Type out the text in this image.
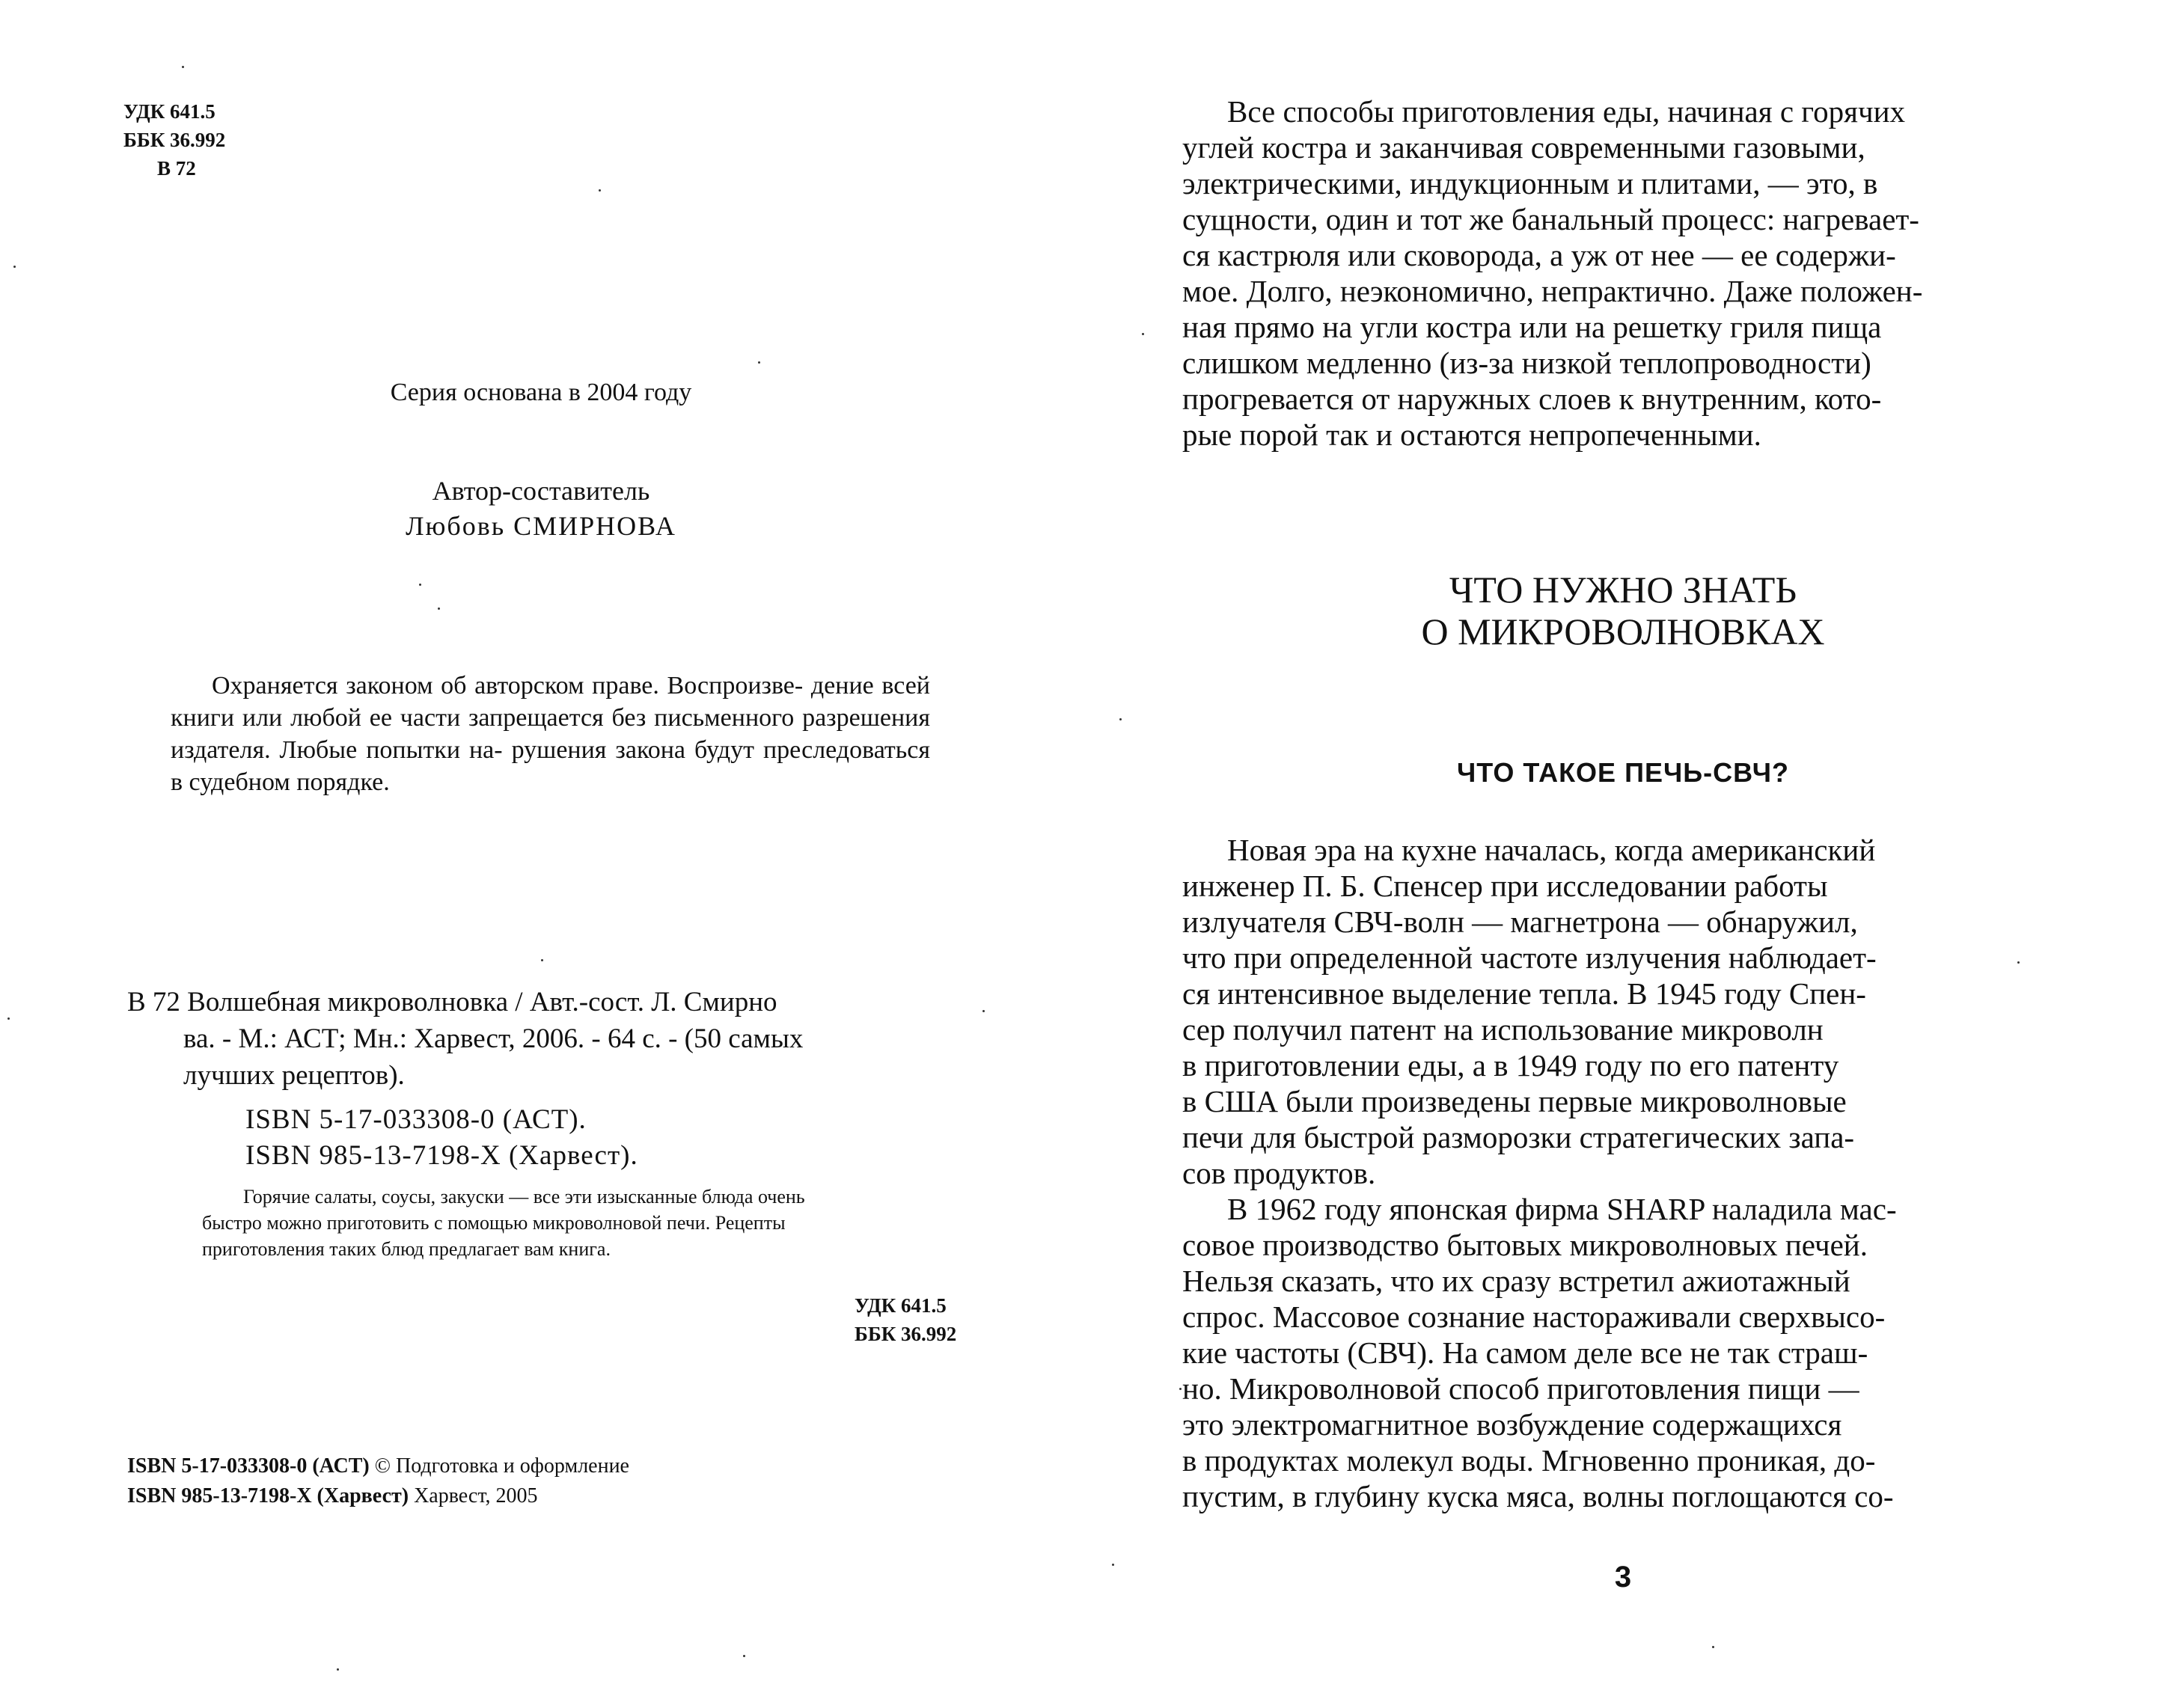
УДК 641.5
ББК 36.992
В 72
Серия основана в 2004 году
Автор-составитель
Любовь СМИРНОВА
Охраняется законом об авторском праве. Воспроизве- дение всей книги или любой ее части запрещается без письменного разрешения издателя. Любые попытки на- рушения закона будут преследоваться в судебном порядке.
В 72 Волшебная микроволновка / Авт.-сост. Л. Смирно
ва. - М.: АСТ; Мн.: Харвест, 2006. - 64 с. - (50 самых
лучших рецептов).
ISBN 5-17-033308-0 (АСТ).
ISBN 985-13-7198-Х (Харвест).
Горячие салаты, соусы, закуски — все эти изысканные блюда очень
быстро можно приготовить с помощью микроволновой печи. Рецепты
приготовления таких блюд предлагает вам книга.
УДК 641.5
ББК 36.992
ISBN 5-17-033308-0 (АСТ) © Подготовка и оформление
ISBN 985-13-7198-Х (Харвест) Харвест, 2005
Все способы приготовления еды, начиная с горячих
углей костра и заканчивая современными газовыми,
электрическими, индукционным и плитами, — это, в
сущности, один и тот же банальный процесс: нагревает-
ся кастрюля или сковорода, а уж от нее — ее содержи-
мое. Долго, неэкономично, непрактично. Даже положен-
ная прямо на угли костра или на решетку гриля пища
слишком медленно (из-за низкой теплопроводности)
прогревается от наружных слоев к внутренним, кото-
рые порой так и остаются непропеченными.
ЧТО НУЖНО ЗНАТЬ
О МИКРОВОЛНОВКАХ
ЧТО ТАКОЕ ПЕЧЬ-СВЧ?
Новая эра на кухне началась, когда американский
инженер П. Б. Спенсер при исследовании работы
излучателя СВЧ-волн — магнетрона — обнаружил,
что при определенной частоте излучения наблюдает-
ся интенсивное выделение тепла. В 1945 году Спен-
сер получил патент на использование микроволн
в приготовлении еды, а в 1949 году по его патенту
в США были произведены первые микроволновые
печи для быстрой разморозки стратегических запа-
сов продуктов.
В 1962 году японская фирма SHARP наладила мас-
совое производство бытовых микроволновых печей.
Нельзя сказать, что их сразу встретил ажиотажный
спрос. Массовое сознание настораживали сверхвысо-
кие частоты (СВЧ). На самом деле все не так страш-
но. Микроволновой способ приготовления пищи —
это электромагнитное возбуждение содержащихся
в продуктах молекул воды. Мгновенно проникая, до-
пустим, в глубину куска мяса, волны поглощаются со-
3
